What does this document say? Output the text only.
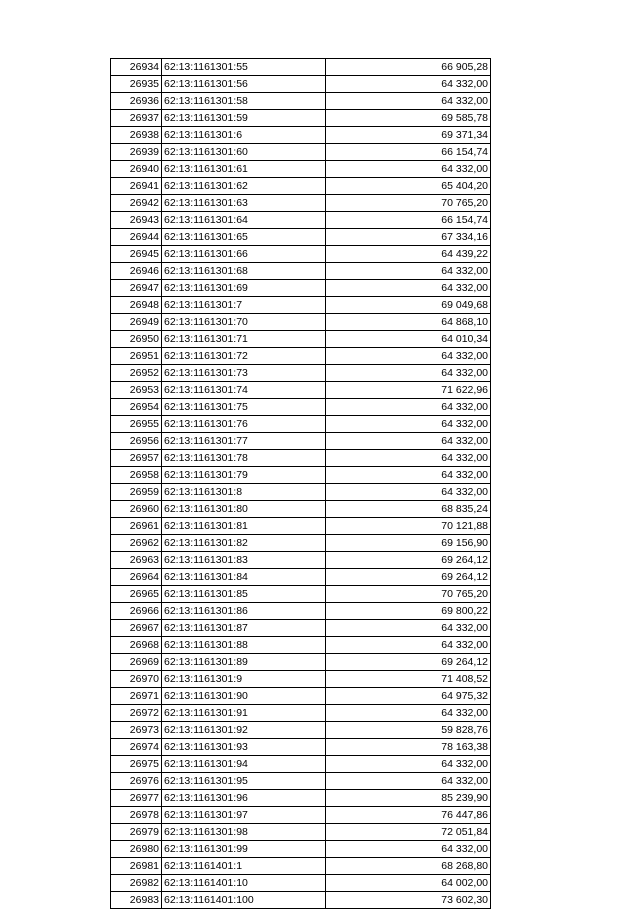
26934	62:13:1161301:55	66 905,28
26935	62:13:1161301:56	64 332,00
26936	62:13:1161301:58	64 332,00
26937	62:13:1161301:59	69 585,78
26938	62:13:1161301:6	69 371,34
26939	62:13:1161301:60	66 154,74
26940	62:13:1161301:61	64 332,00
26941	62:13:1161301:62	65 404,20
26942	62:13:1161301:63	70 765,20
26943	62:13:1161301:64	66 154,74
26944	62:13:1161301:65	67 334,16
26945	62:13:1161301:66	64 439,22
26946	62:13:1161301:68	64 332,00
26947	62:13:1161301:69	64 332,00
26948	62:13:1161301:7	69 049,68
26949	62:13:1161301:70	64 868,10
26950	62:13:1161301:71	64 010,34
26951	62:13:1161301:72	64 332,00
26952	62:13:1161301:73	64 332,00
26953	62:13:1161301:74	71 622,96
26954	62:13:1161301:75	64 332,00
26955	62:13:1161301:76	64 332,00
26956	62:13:1161301:77	64 332,00
26957	62:13:1161301:78	64 332,00
26958	62:13:1161301:79	64 332,00
26959	62:13:1161301:8	64 332,00
26960	62:13:1161301:80	68 835,24
26961	62:13:1161301:81	70 121,88
26962	62:13:1161301:82	69 156,90
26963	62:13:1161301:83	69 264,12
26964	62:13:1161301:84	69 264,12
26965	62:13:1161301:85	70 765,20
26966	62:13:1161301:86	69 800,22
26967	62:13:1161301:87	64 332,00
26968	62:13:1161301:88	64 332,00
26969	62:13:1161301:89	69 264,12
26970	62:13:1161301:9	71 408,52
26971	62:13:1161301:90	64 975,32
26972	62:13:1161301:91	64 332,00
26973	62:13:1161301:92	59 828,76
26974	62:13:1161301:93	78 163,38
26975	62:13:1161301:94	64 332,00
26976	62:13:1161301:95	64 332,00
26977	62:13:1161301:96	85 239,90
26978	62:13:1161301:97	76 447,86
26979	62:13:1161301:98	72 051,84
26980	62:13:1161301:99	64 332,00
26981	62:13:1161401:1	68 268,80
26982	62:13:1161401:10	64 002,00
26983	62:13:1161401:100	73 602,30
